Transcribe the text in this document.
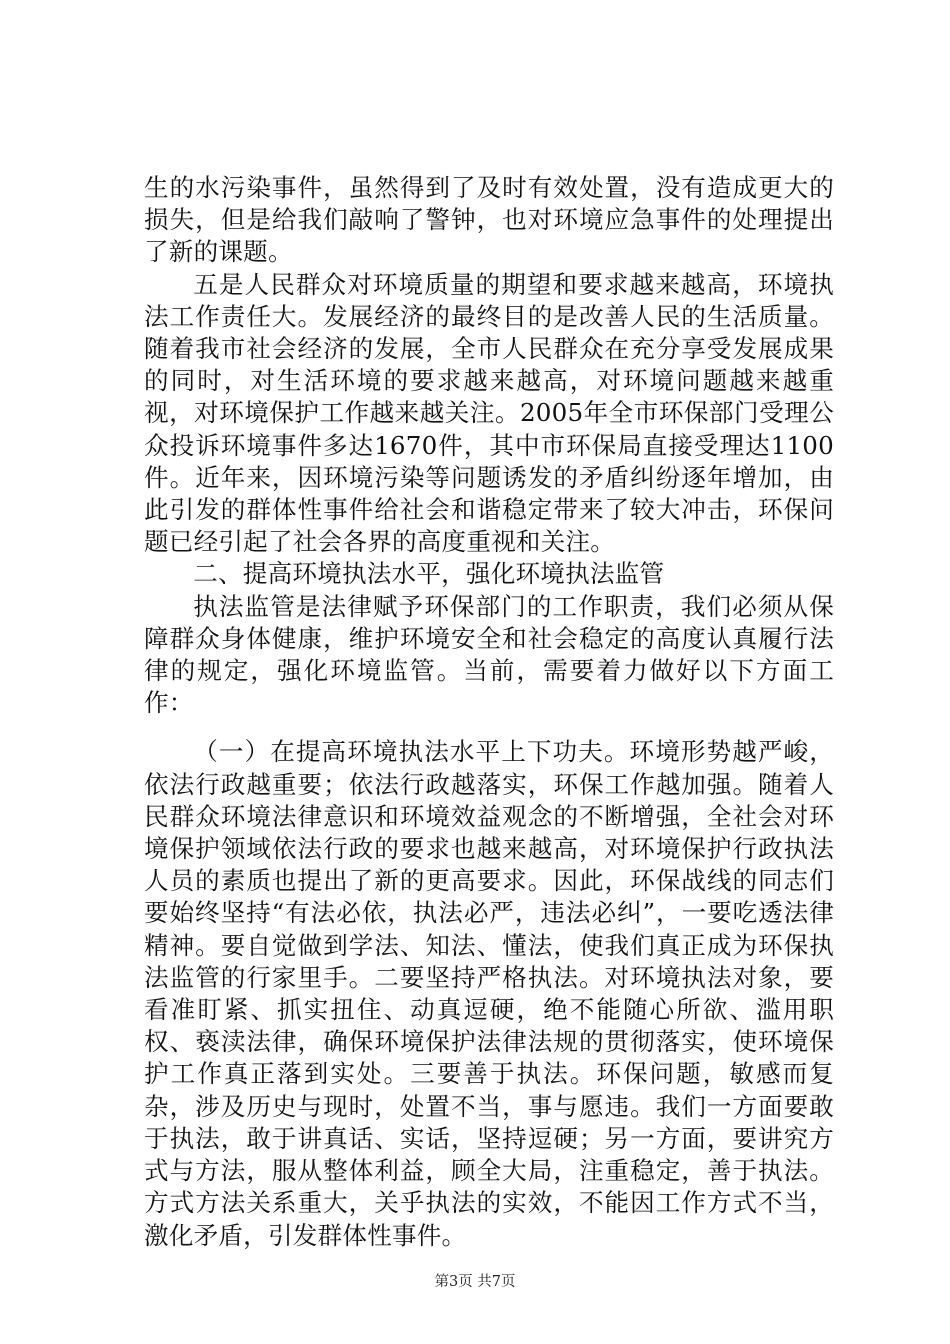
生的水污染事件，虽然得到了及时有效处置，没有造成更大的损失，但是给我们敲响了警钟，也对环境应急事件的处理提出了新的课题。

五是人民群众对环境质量的期望和要求越来越高，环境执法工作责任大。发展经济的最终目的是改善人民的生活质量。随着我市社会经济的发展，全市人民群众在充分享受发展成果的同时，对生活环境的要求越来越高，对环境问题越来越重视，对环境保护工作越来越关注。2005年全市环保部门受理公众投诉环境事件多达1670件，其中市环保局直接受理达1100件。近年来，因环境污染等问题诱发的矛盾纠纷逐年增加，由此引发的群体性事件给社会和谐稳定带来了较大冲击，环保问题已经引起了社会各界的高度重视和关注。

二、提高环境执法水平，强化环境执法监管

执法监管是法律赋予环保部门的工作职责，我们必须从保障群众身体健康，维护环境安全和社会稳定的高度认真履行法律的规定，强化环境监管。当前，需要着力做好以下方面工作：

（一）在提高环境执法水平上下功夫。环境形势越严峻，依法行政越重要；依法行政越落实，环保工作越加强。随着人民群众环境法律意识和环境效益观念的不断增强，全社会对环境保护领域依法行政的要求也越来越高，对环境保护行政执法人员的素质也提出了新的更高要求。因此，环保战线的同志们要始终坚持“有法必依，执法必严，违法必纠”，一要吃透法律精神。要自觉做到学法、知法、懂法，使我们真正成为环保执法监管的行家里手。二要坚持严格执法。对环境执法对象，要看准盯紧、抓实扭住、动真逗硬，绝不能随心所欲、滥用职权、亵渎法律，确保环境保护法律法规的贯彻落实，使环境保护工作真正落到实处。三要善于执法。环保问题，敏感而复杂，涉及历史与现时，处置不当，事与愿违。我们一方面要敢于执法，敢于讲真话、实话，坚持逗硬；另一方面，要讲究方式与方法，服从整体利益，顾全大局，注重稳定，善于执法。方式方法关系重大，关乎执法的实效，不能因工作方式不当，激化矛盾，引发群体性事件。

第3页 共7页
